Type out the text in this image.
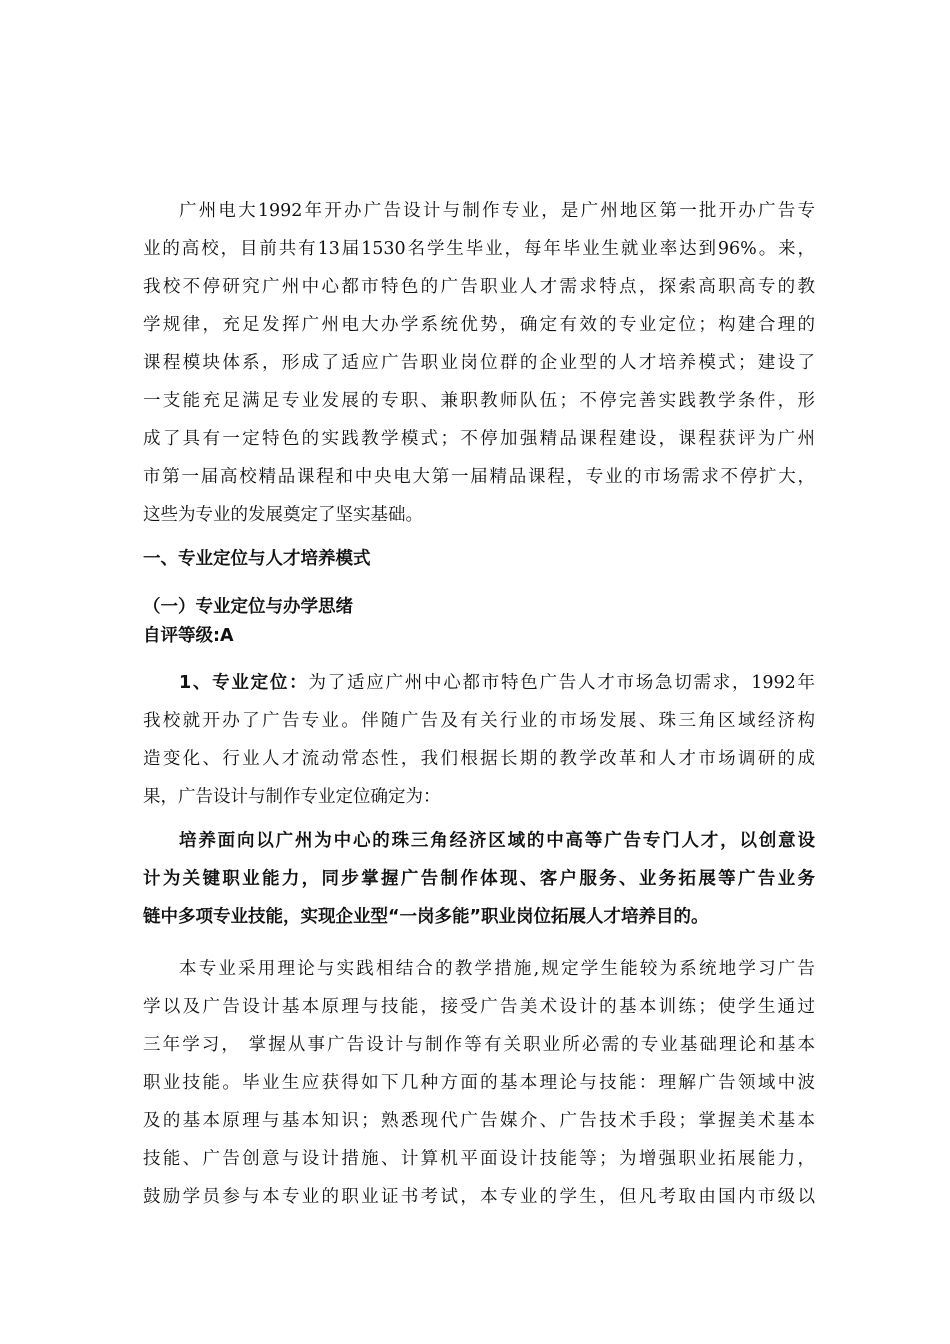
广州电大1992年开办广告设计与制作专业，是广州地区第一批开办广告专
业的高校，目前共有13届1530名学生毕业，每年毕业生就业率达到96%。来，
我校不停研究广州中心都市特色的广告职业人才需求特点，探索高职高专的教
学规律，充足发挥广州电大办学系统优势，确定有效的专业定位；构建合理的
课程模块体系，形成了适应广告职业岗位群的企业型的人才培养模式；建设了
一支能充足满足专业发展的专职、兼职教师队伍；不停完善实践教学条件，形
成了具有一定特色的实践教学模式；不停加强精品课程建设，课程获评为广州
市第一届高校精品课程和中央电大第一届精品课程，专业的市场需求不停扩大，
这些为专业的发展奠定了坚实基础。
一、专业定位与人才培养模式
（一）专业定位与办学思绪
自评等级:A
1、专业定位：为了适应广州中心都市特色广告人才市场急切需求，1992年
我校就开办了广告专业。伴随广告及有关行业的市场发展、珠三角区域经济构
造变化、行业人才流动常态性，我们根据长期的教学改革和人才市场调研的成
果，广告设计与制作专业定位确定为：
培养面向以广州为中心的珠三角经济区域的中高等广告专门人才，以创意设
计为关键职业能力，同步掌握广告制作体现、客户服务、业务拓展等广告业务
链中多项专业技能，实现企业型“一岗多能”职业岗位拓展人才培养目的。
本专业采用理论与实践相结合的教学措施,规定学生能较为系统地学习广告
学以及广告设计基本原理与技能，接受广告美术设计的基本训练；使学生通过
三年学习， 掌握从事广告设计与制作等有关职业所必需的专业基础理论和基本
职业技能。毕业生应获得如下几种方面的基本理论与技能：理解广告领域中波
及的基本原理与基本知识；熟悉现代广告媒介、广告技术手段；掌握美术基本
技能、广告创意与设计措施、计算机平面设计技能等；为增强职业拓展能力，
鼓励学员参与本专业的职业证书考试，本专业的学生，但凡考取由国内市级以
